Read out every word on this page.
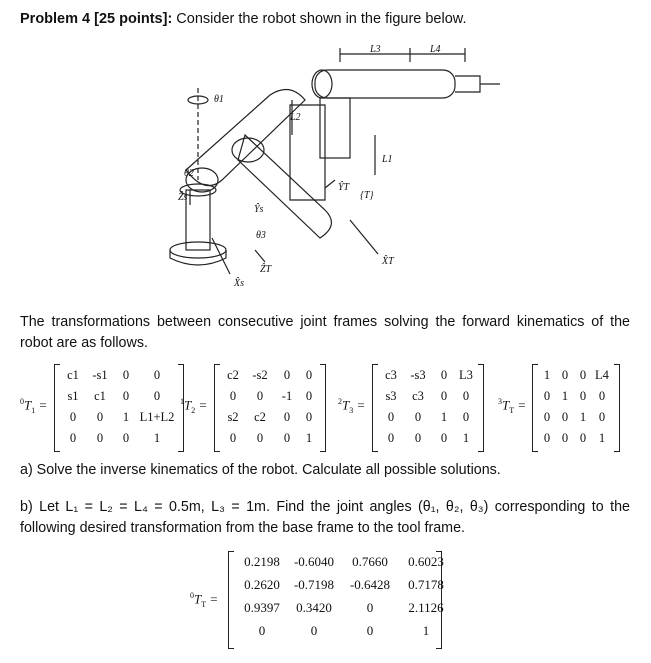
Problem 4 [25 points]: Consider the robot shown in the figure below.
θ1
θ2
θ3
L1
L2
L3	L4
Ẑs
Ŷs
X̂s
ẐT
ŶT
X̂T
{T}
The transformations between consecutive joint frames solving the forward kinematics of the robot are as follows.
$^0T_1$ =
c1	-s1	0	0
s1	c1	0	0
0	0	1 L1+L2
0	0	0	1
$^1T_2$ =
c2	-s2	0	0
0	0	-1	0
s2	c2	0	0
0	0	0	1
$^2T_3$ =
c3	-s3	0 L3
s3	c3	0	0
0	0	1	0
0	0	0	1
$^3T_T$ =
1 0 0 L4
0 1 0	0
0 0 1	0
0 0 0	1
a) Solve the inverse kinematics of the robot. Calculate all possible solutions.
b) Let L₁ = L₂ = L₄ = 0.5m, L₃ = 1m. Find the joint angles (θ₁, θ₂, θ₃) corresponding to the following desired transformation from the base frame to the tool frame.
$^0T_T$ =
0.2198	-0.6040	0.7660	0.6023
0.2620	-0.7198	-0.6428	0.7178
0.9397	0.3420	0	2.1126
0	0	0	1
